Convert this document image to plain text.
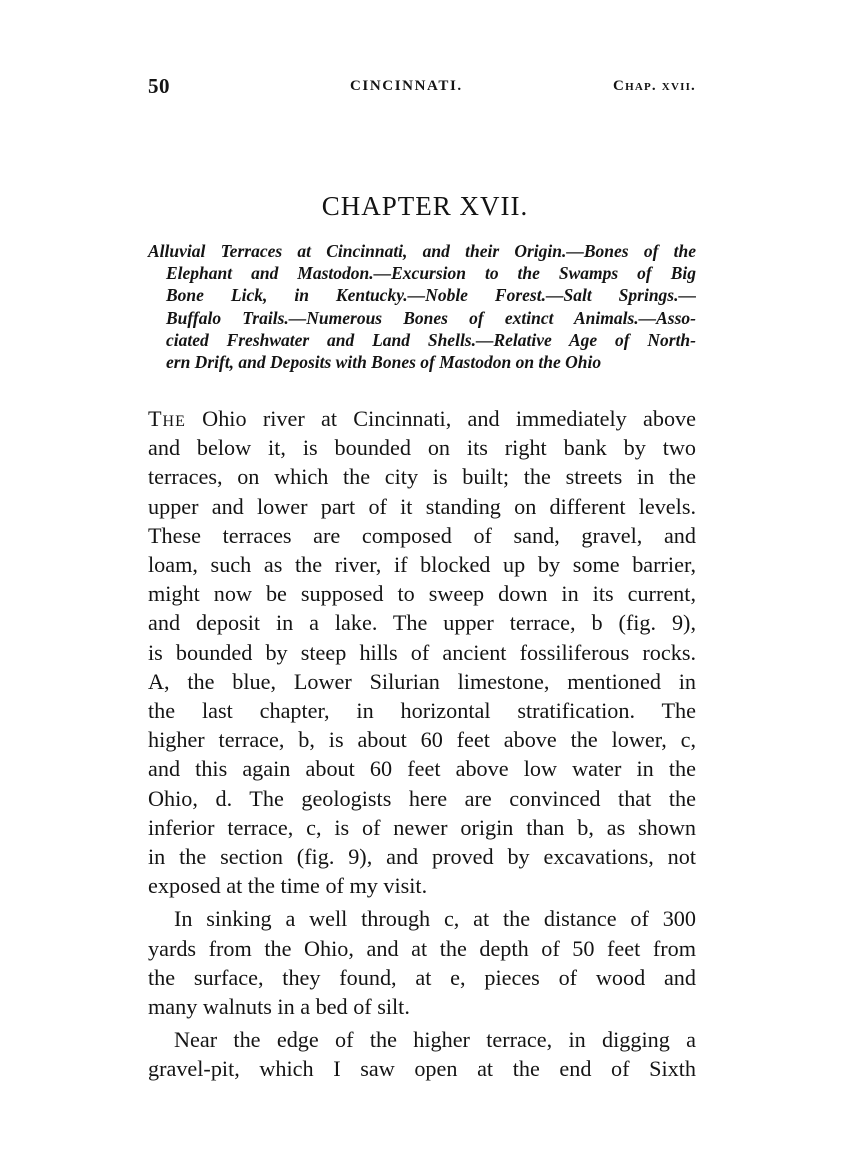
50	CINCINNATI.	Chap. xvii.
CHAPTER XVII.
Alluvial Terraces at Cincinnati, and their Origin.—Bones of the
Elephant and Mastodon.—Excursion to the Swamps of Big
Bone Lick, in Kentucky.—Noble Forest.—Salt Springs.—
Buffalo Trails.—Numerous Bones of extinct Animals.—Asso-
ciated Freshwater and Land Shells.—Relative Age of North-
ern Drift, and Deposits with Bones of Mastodon on the Ohio
The Ohio river at Cincinnati, and immediately above
and below it, is bounded on its right bank by two
terraces, on which the city is built; the streets in the
upper and lower part of it standing on different levels.
These terraces are composed of sand, gravel, and
loam, such as the river, if blocked up by some barrier,
might now be supposed to sweep down in its current,
and deposit in a lake. The upper terrace, b (fig. 9),
is bounded by steep hills of ancient fossiliferous rocks.
A, the blue, Lower Silurian limestone, mentioned in
the last chapter, in horizontal stratification. The
higher terrace, b, is about 60 feet above the lower, c,
and this again about 60 feet above low water in the
Ohio, d. The geologists here are convinced that the
inferior terrace, c, is of newer origin than b, as shown
in the section (fig. 9), and proved by excavations, not
exposed at the time of my visit.
In sinking a well through c, at the distance of 300
yards from the Ohio, and at the depth of 50 feet from
the surface, they found, at e, pieces of wood and
many walnuts in a bed of silt.
Near the edge of the higher terrace, in digging a
gravel-pit, which I saw open at the end of Sixth
